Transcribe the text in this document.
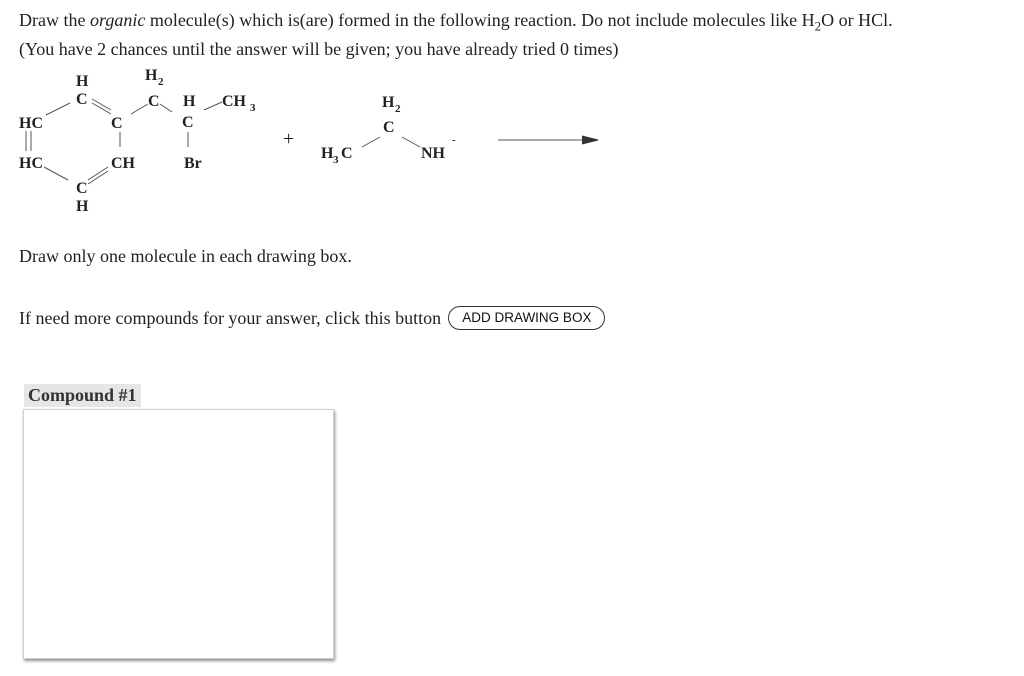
Draw the organic molecule(s) which is(are) formed in the following reaction. Do not include molecules like $H_2O$ or HCl.
(You have 2 chances until the answer will be given; you have already tried 0 times)
H
C
H 2
C H CH 3
C	C
HC
HC	CH	Br
C
H
+
H 2
C
H 3 C	NH
-
Draw only one molecule in each drawing box.
If need more compounds for your answer, click this button	ADD DRAWING BOX
Compound #1
